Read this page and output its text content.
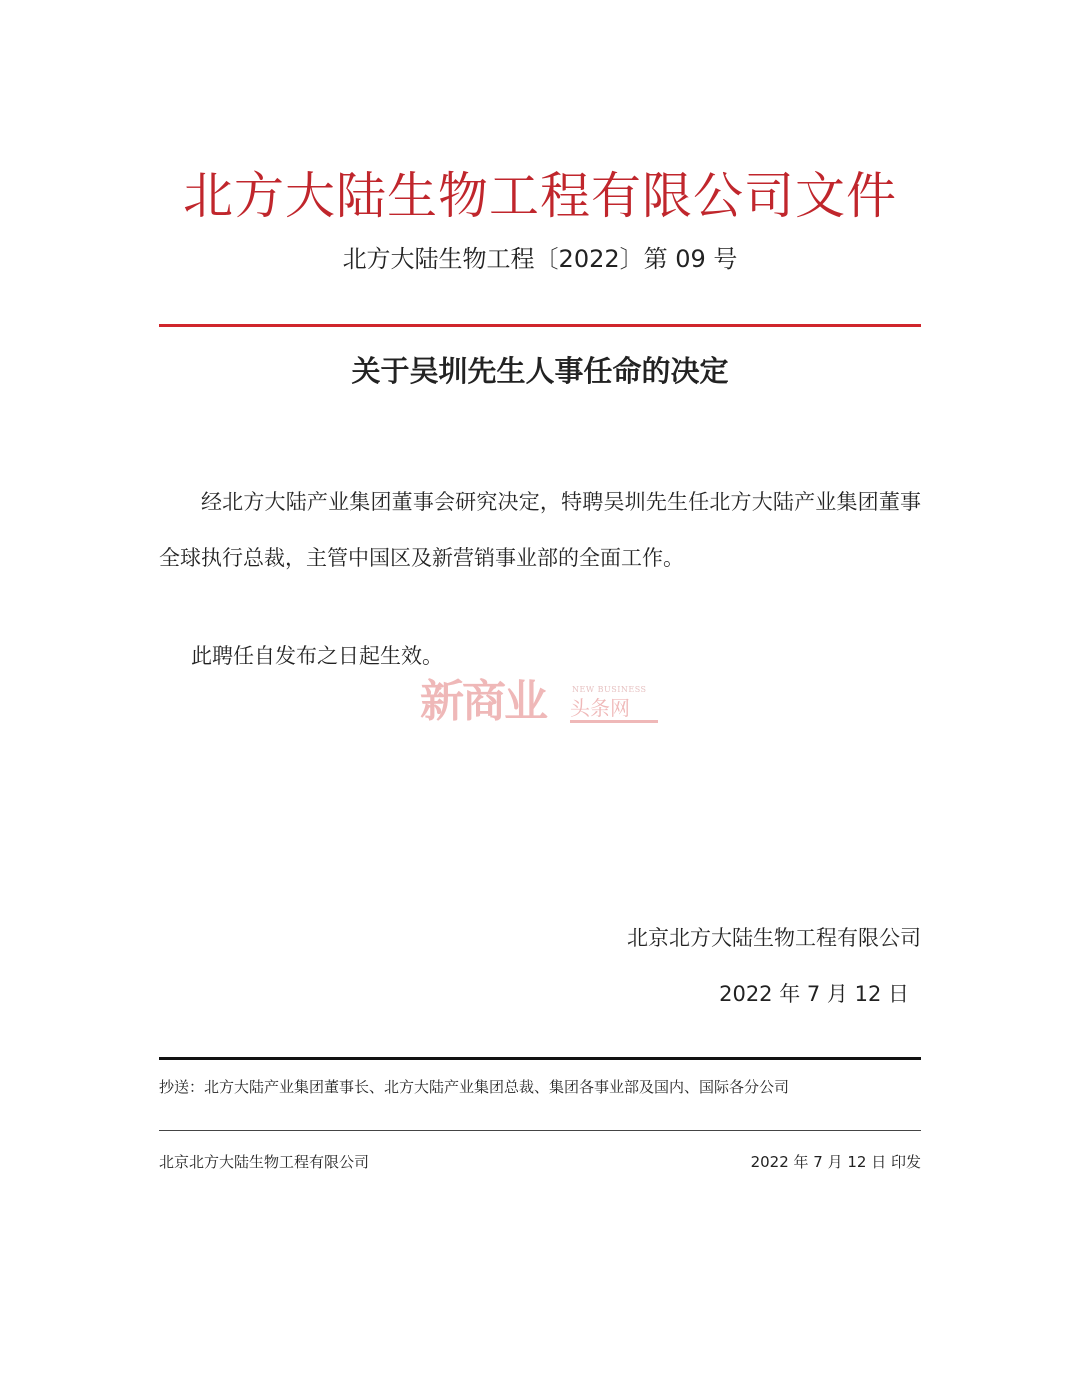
北方大陆生物工程有限公司文件
北方大陆生物工程〔2022〕第 09 号
关于吴圳先生人事任命的决定
经北方大陆产业集团董事会研究决定，特聘吴圳先生任北方大陆产业集团董事全球执行总裁，主管中国区及新营销事业部的全面工作。
此聘任自发布之日起生效。
新商业	NEW BUSINESS
头条网
北京北方大陆生物工程有限公司
2022 年 7 月 12 日
抄送：北方大陆产业集团董事长、北方大陆产业集团总裁、集团各事业部及国内、国际各分公司
北京北方大陆生物工程有限公司	2022 年 7 月 12 日 印发
